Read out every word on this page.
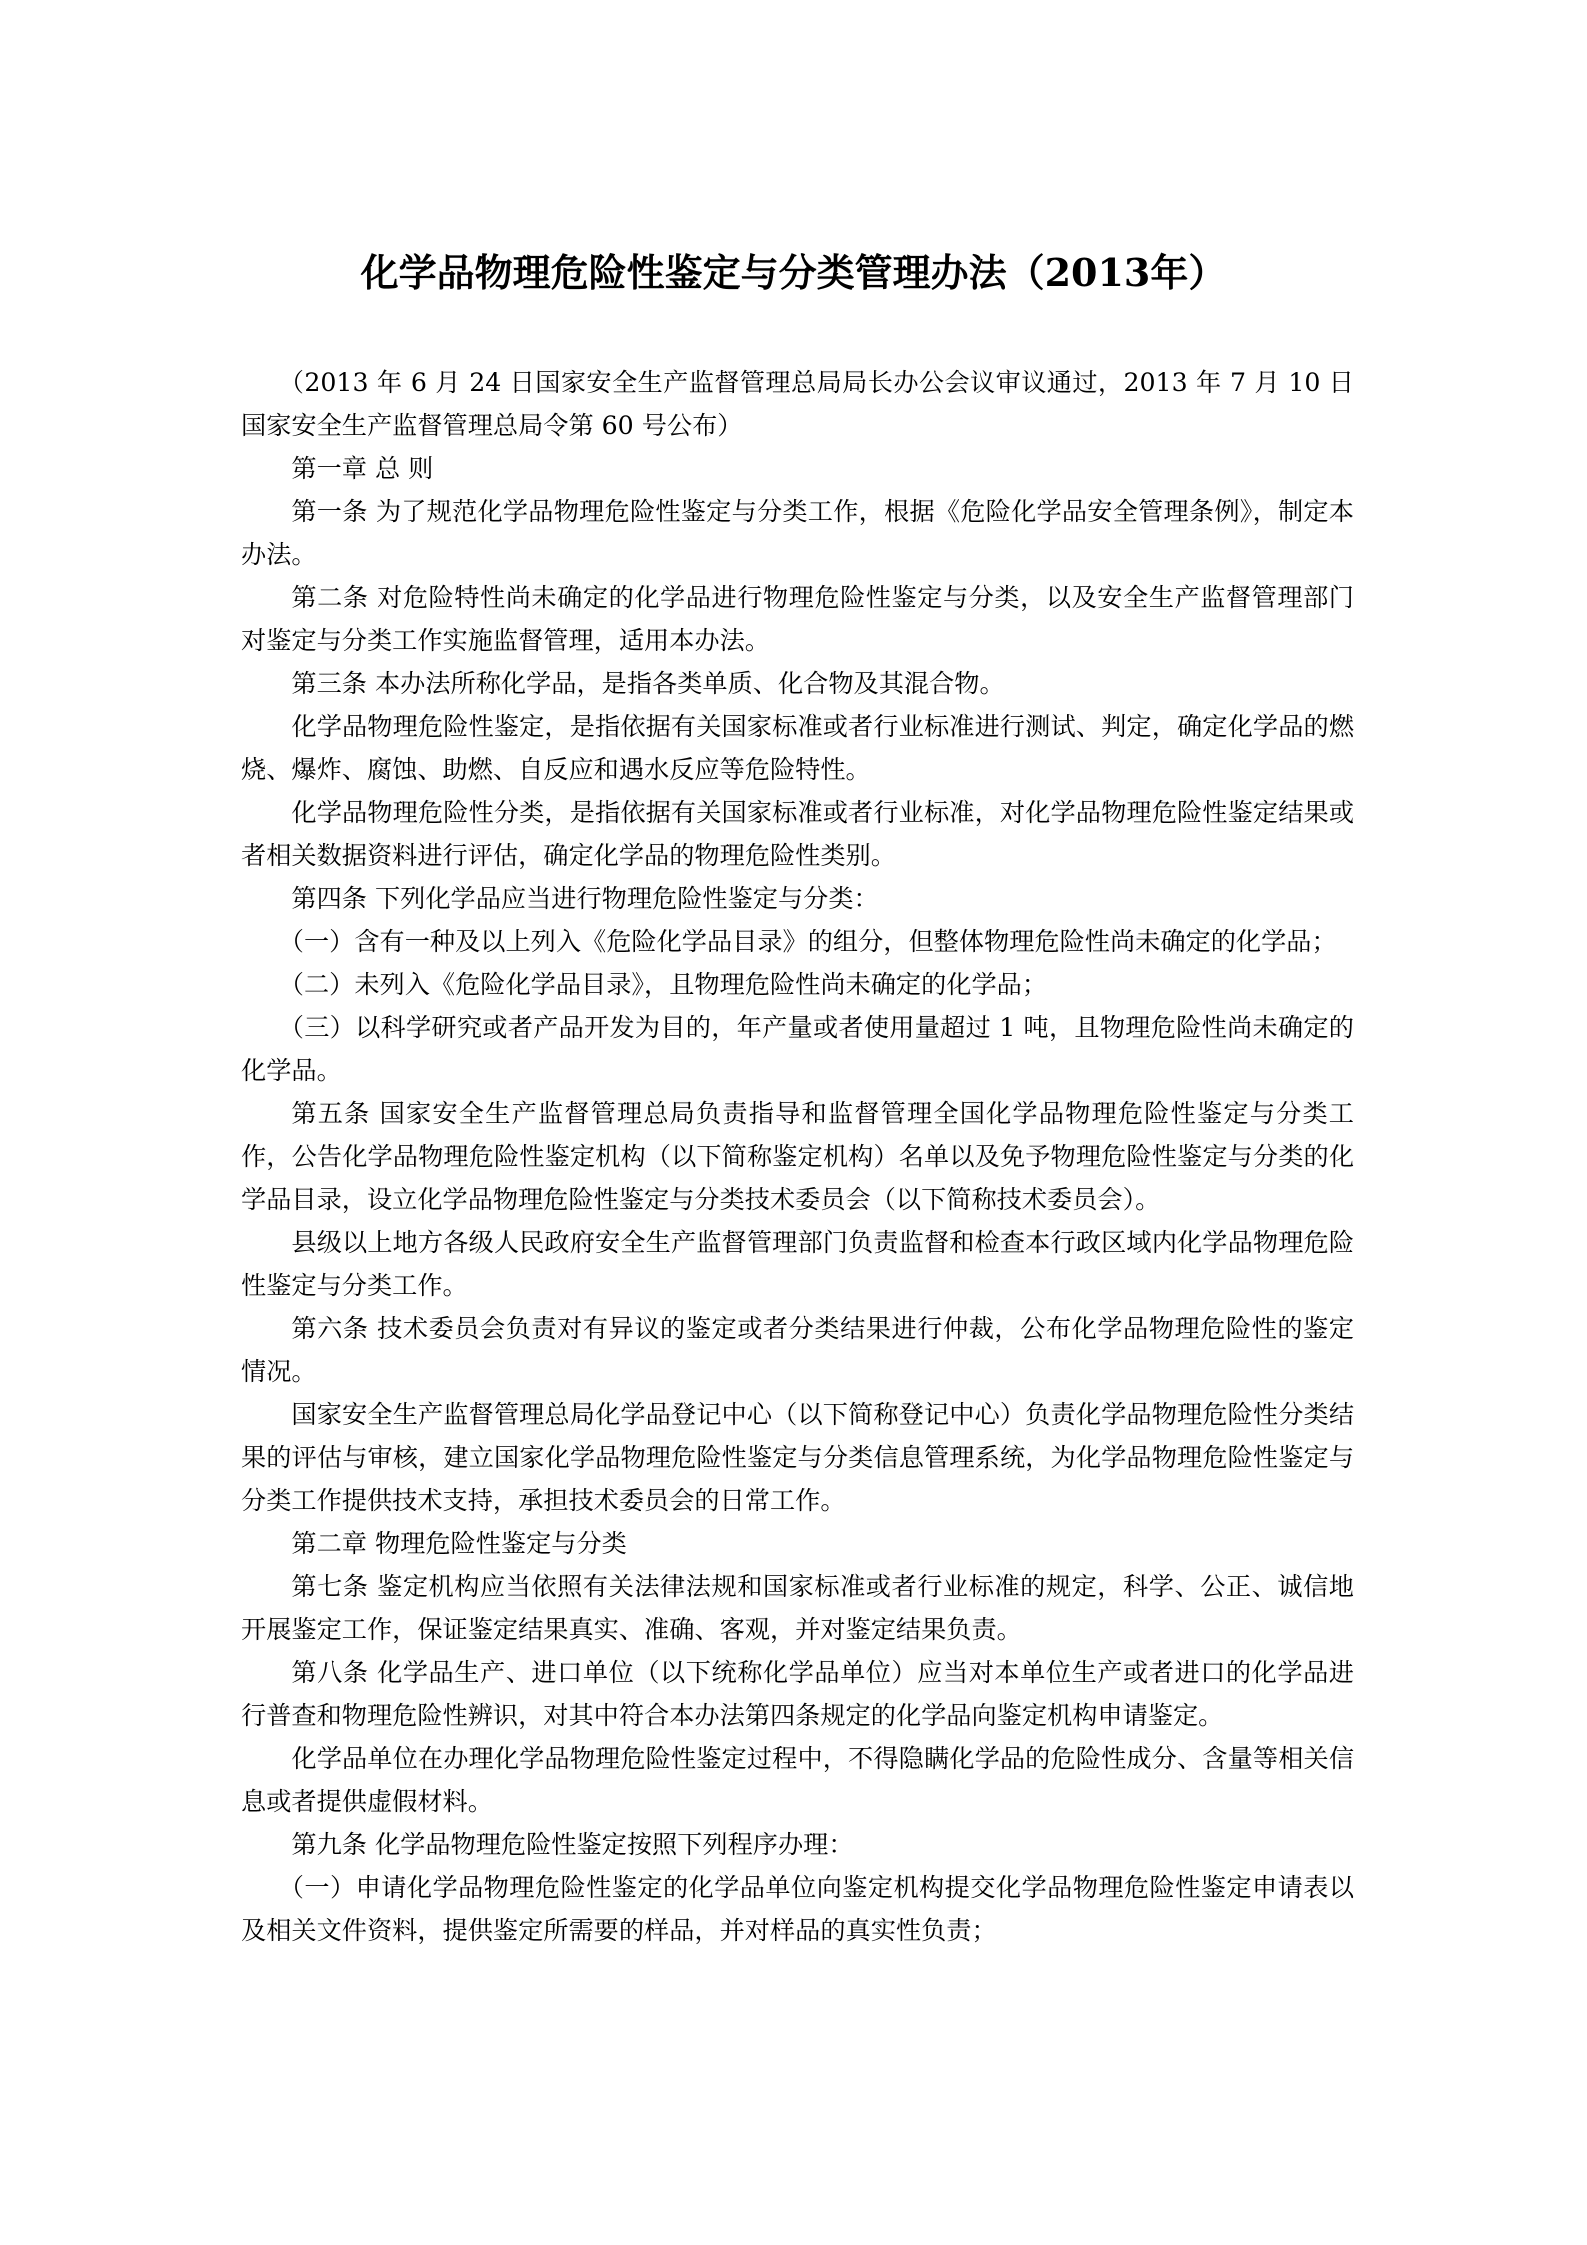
化学品物理危险性鉴定与分类管理办法（2013年）

（2013 年 6 月 24 日国家安全生产监督管理总局局长办公会议审议通过，2013 年 7 月 10 日国家安全生产监督管理总局令第 60 号公布）

第一章 总 则

第一条 为了规范化学品物理危险性鉴定与分类工作，根据《危险化学品安全管理条例》，制定本办法。

第二条 对危险特性尚未确定的化学品进行物理危险性鉴定与分类，以及安全生产监督管理部门对鉴定与分类工作实施监督管理，适用本办法。

第三条 本办法所称化学品，是指各类单质、化合物及其混合物。

化学品物理危险性鉴定，是指依据有关国家标准或者行业标准进行测试、判定，确定化学品的燃烧、爆炸、腐蚀、助燃、自反应和遇水反应等危险特性。

化学品物理危险性分类，是指依据有关国家标准或者行业标准，对化学品物理危险性鉴定结果或者相关数据资料进行评估，确定化学品的物理危险性类别。

第四条 下列化学品应当进行物理危险性鉴定与分类：

（一）含有一种及以上列入《危险化学品目录》的组分，但整体物理危险性尚未确定的化学品；

（二）未列入《危险化学品目录》，且物理危险性尚未确定的化学品；

（三）以科学研究或者产品开发为目的，年产量或者使用量超过 1 吨，且物理危险性尚未确定的化学品。

第五条 国家安全生产监督管理总局负责指导和监督管理全国化学品物理危险性鉴定与分类工作，公告化学品物理危险性鉴定机构（以下简称鉴定机构）名单以及免予物理危险性鉴定与分类的化学品目录，设立化学品物理危险性鉴定与分类技术委员会（以下简称技术委员会）。

县级以上地方各级人民政府安全生产监督管理部门负责监督和检查本行政区域内化学品物理危险性鉴定与分类工作。

第六条 技术委员会负责对有异议的鉴定或者分类结果进行仲裁，公布化学品物理危险性的鉴定情况。

国家安全生产监督管理总局化学品登记中心（以下简称登记中心）负责化学品物理危险性分类结果的评估与审核，建立国家化学品物理危险性鉴定与分类信息管理系统，为化学品物理危险性鉴定与分类工作提供技术支持，承担技术委员会的日常工作。

第二章 物理危险性鉴定与分类

第七条 鉴定机构应当依照有关法律法规和国家标准或者行业标准的规定，科学、公正、诚信地开展鉴定工作，保证鉴定结果真实、准确、客观，并对鉴定结果负责。

第八条 化学品生产、进口单位（以下统称化学品单位）应当对本单位生产或者进口的化学品进行普查和物理危险性辨识，对其中符合本办法第四条规定的化学品向鉴定机构申请鉴定。

化学品单位在办理化学品物理危险性鉴定过程中，不得隐瞒化学品的危险性成分、含量等相关信息或者提供虚假材料。

第九条 化学品物理危险性鉴定按照下列程序办理：

（一）申请化学品物理危险性鉴定的化学品单位向鉴定机构提交化学品物理危险性鉴定申请表以及相关文件资料，提供鉴定所需要的样品，并对样品的真实性负责；
